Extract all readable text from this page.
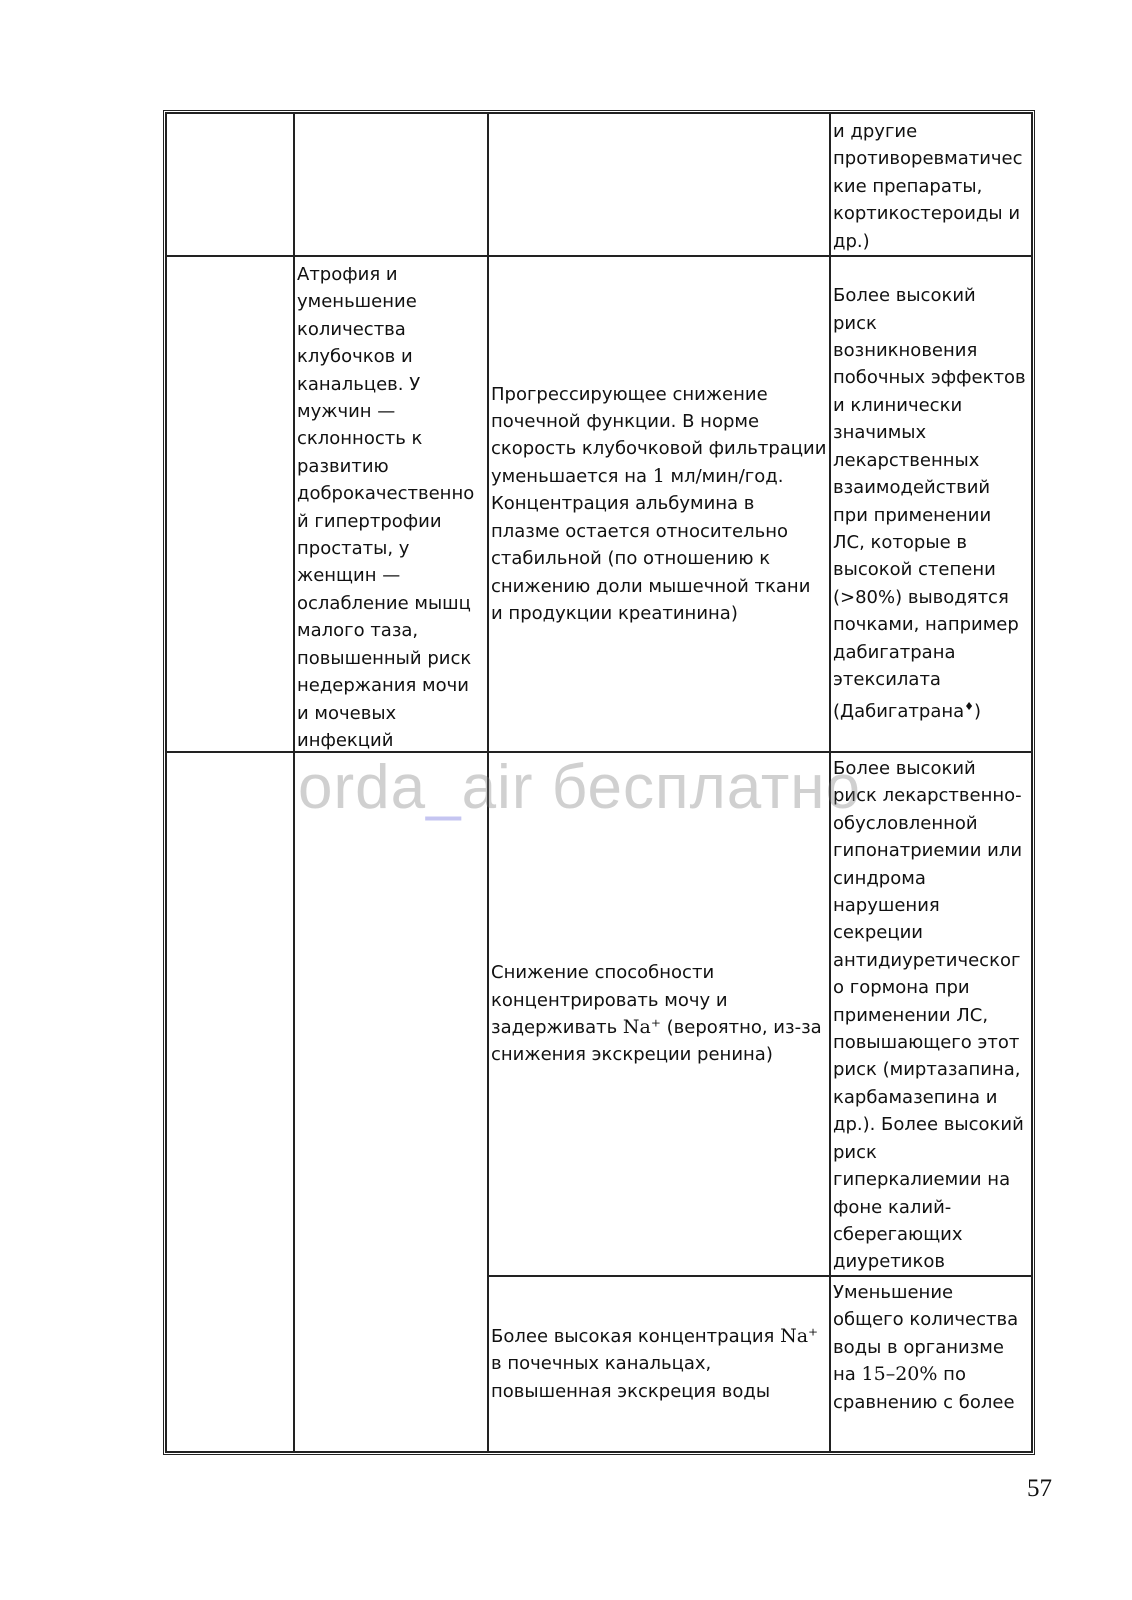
и другие
противоревматичес
кие препараты,
кортикостероиды и
др.)
Атрофия и
уменьшение
количества
клубочков и
канальцев. У
мужчин —
склонность к
развитию
доброкачественно
й гипертрофии
простаты, у
женщин —
ослабление мышц
малого таза,
повышенный риск
недержания мочи
и мочевых
инфекций
Прогрессирующее снижение
почечной функции. В норме
скорость клубочковой фильтрации
уменьшается на 1 мл/мин/год.
Концентрация альбумина в
плазме остается относительно
стабильной (по отношению к
снижению доли мышечной ткани
и продукции креатинина)
Более высокий
риск
возникновения
побочных эффектов
и клинически
значимых
лекарственных
взаимодействий
при применении
ЛС, которые в
высокой степени
(>80%) выводятся
почками, например
дабигатрана
этексилата
(Дабигатрана♦)
Снижение способности
концентрировать мочу и
задерживать Na⁺ (вероятно, из-за
снижения экскреции ренина)
Более высокий
риск лекарственно-
обусловленной
гипонатриемии или
синдрома
нарушения
секреции
антидиуретическог
о гормона при
применении ЛС,
повышающего этот
риск (миртазапина,
карбамазепина и
др.). Более высокий
риск
гиперкалиемии на
фоне калий-
сберегающих
диуретиков
Более высокая концентрация Na⁺
в почечных канальцах,
повышенная экскреция воды
Уменьшение
общего количества
воды в организме
на 15–20% по
сравнению с более
orda_air бесплатно
57
